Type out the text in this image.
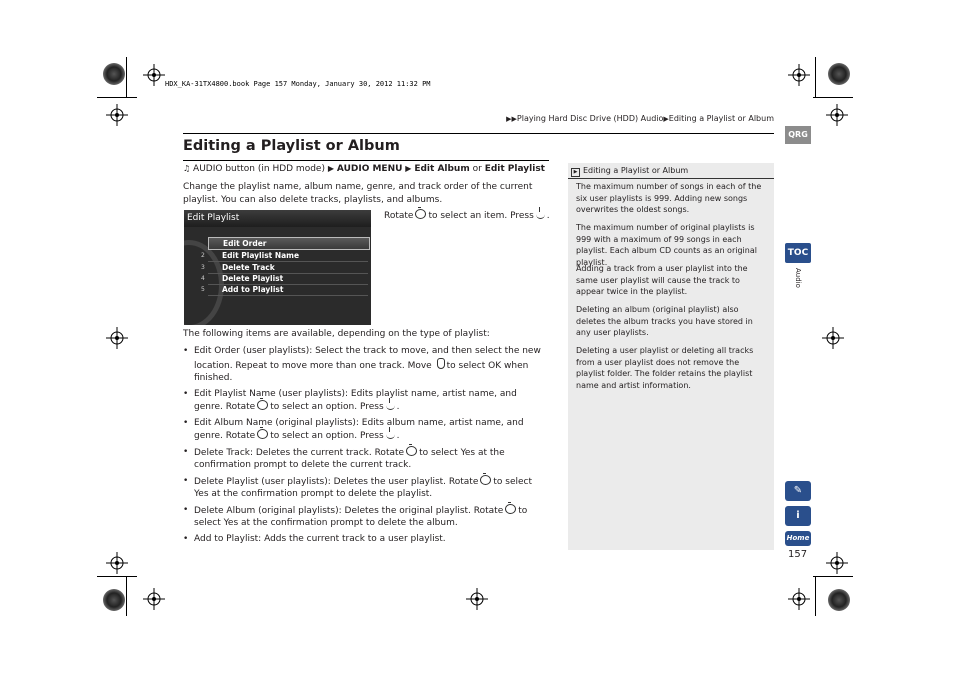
HDX_KA-31TX4800.book Page 157 Monday, January 30, 2012 11:32 PM
▶▶Playing Hard Disc Drive (HDD) Audio▶Editing a Playlist or Album
Editing a Playlist or Album
♫ AUDIO button (in HDD mode) ▶ AUDIO MENU ▶ Edit Album or Edit Playlist
Change the playlist name, album name, genre, and track order of the current playlist. You can also delete tracks, playlists, and albums.
Edit Playlist
Edit Order
2 Edit Playlist Name
3 Delete Track
4 Delete Playlist
5 Add to Playlist
Rotate to select an item. Press .
The following items are available, depending on the type of playlist:
• Edit Order (user playlists): Select the track to move, and then select the new location. Repeat to move more than one track. Move to select OK when finished.
• Edit Playlist Name (user playlists): Edits playlist name, artist name, and genre. Rotate to select an option. Press .
• Edit Album Name (original playlists): Edits album name, artist name, and genre. Rotate to select an option. Press .
• Delete Track: Deletes the current track. Rotate to select Yes at the confirmation prompt to delete the current track.
• Delete Playlist (user playlists): Deletes the user playlist. Rotate to select Yes at the confirmation prompt to delete the playlist.
• Delete Album (original playlists): Deletes the original playlist. Rotate to select Yes at the confirmation prompt to delete the album.
• Add to Playlist: Adds the current track to a user playlist.
▶ Editing a Playlist or Album
The maximum number of songs in each of the six user playlists is 999. Adding new songs overwrites the oldest songs.
The maximum number of original playlists is 999 with a maximum of 99 songs in each playlist. Each album CD counts as an original playlist.
Adding a track from a user playlist into the same user playlist will cause the track to appear twice in the playlist.
Deleting an album (original playlist) also deletes the album tracks you have stored in any user playlists.
Deleting a user playlist or deleting all tracks from a user playlist does not remove the playlist folder. The folder retains the playlist name and artist information.
QRG
TOC
Audio
✎
i
Home
157
